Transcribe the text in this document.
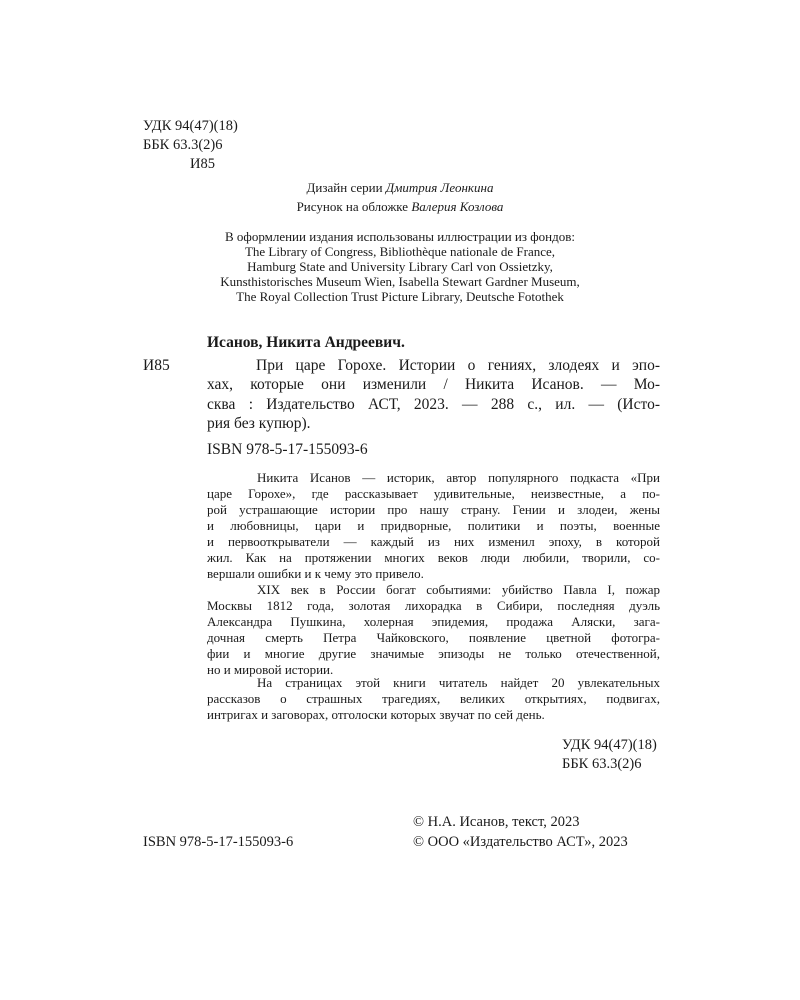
УДК 94(47)(18)
ББК 63.3(2)6
И85
Дизайн серии Дмитрия Леонкина
Рисунок на обложке Валерия Козлова
В оформлении издания использованы иллюстрации из фондов:
The Library of Congress, Bibliothèque nationale de France,
Hamburg State and University Library Carl von Ossietzky,
Kunsthistorisches Museum Wien, Isabella Stewart Gardner Museum,
The Royal Collection Trust Picture Library, Deutsche Fotothek
Исанов, Никита Андреевич.
И85	При царе Горохе. Истории о гениях, злодеях и эпо-
хах, которые они изменили / Никита Исанов. — Мо-
сква : Издательство АСТ, 2023. — 288 с., ил. — (Исто-
рия без купюр).
ISBN 978-5-17-155093-6
Никита Исанов — историк, автор популярного подкаста «При
царе Горохе», где рассказывает удивительные, неизвестные, а по-
рой устрашающие истории про нашу страну. Гении и злодеи, жены
и любовницы, цари и придворные, политики и поэты, военные
и первооткрыватели — каждый из них изменил эпоху, в которой
жил. Как на протяжении многих веков люди любили, творили, со-
вершали ошибки и к чему это привело.
XIX век в России богат событиями: убийство Павла I, пожар
Москвы 1812 года, золотая лихорадка в Сибири, последняя дуэль
Александра Пушкина, холерная эпидемия, продажа Аляски, зага-
дочная смерть Петра Чайковского, появление цветной фотогра-
фии и многие другие значимые эпизоды не только отечественной,
но и мировой истории.
На страницах этой книги читатель найдет 20 увлекательных
рассказов о страшных трагедиях, великих открытиях, подвигах,
интригах и заговорах, отголоски которых звучат по сей день.
УДК 94(47)(18)
ББК 63.3(2)6
ISBN 978-5-17-155093-6
© Н.А. Исанов, текст, 2023
© ООО «Издательство АСТ», 2023
